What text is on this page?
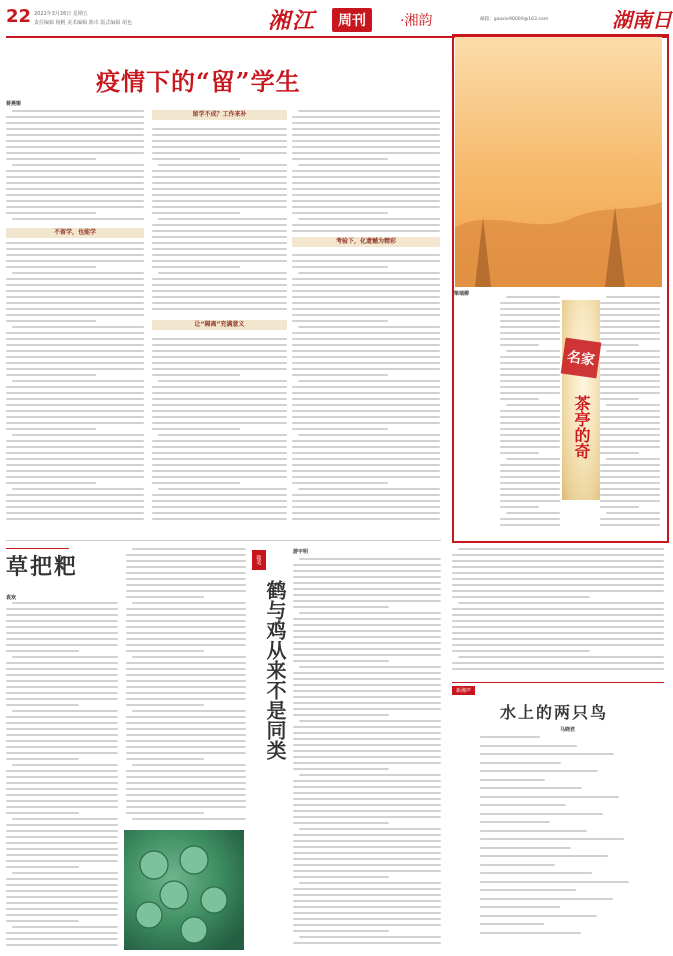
22 2021年3月26日 星期五
责任编辑 杨帆 美术编辑 陈卓 版式编辑 胡也	湘江	周刊	·湘韵	邮箱：gaoxie90000@163.com	湖南日
疫情下的“留”学生
蒋燕姬
不留学，也能学
留学不成？工作来补
让“隔离”充满意义
考验下，化遗憾为精彩
梁瑞柳
名家
茶亭的奇
草把粑
袁欢
随笔
鹤与鸡从来不是同类
游宇明
新湘声
水上的两只鸟
马晓君
